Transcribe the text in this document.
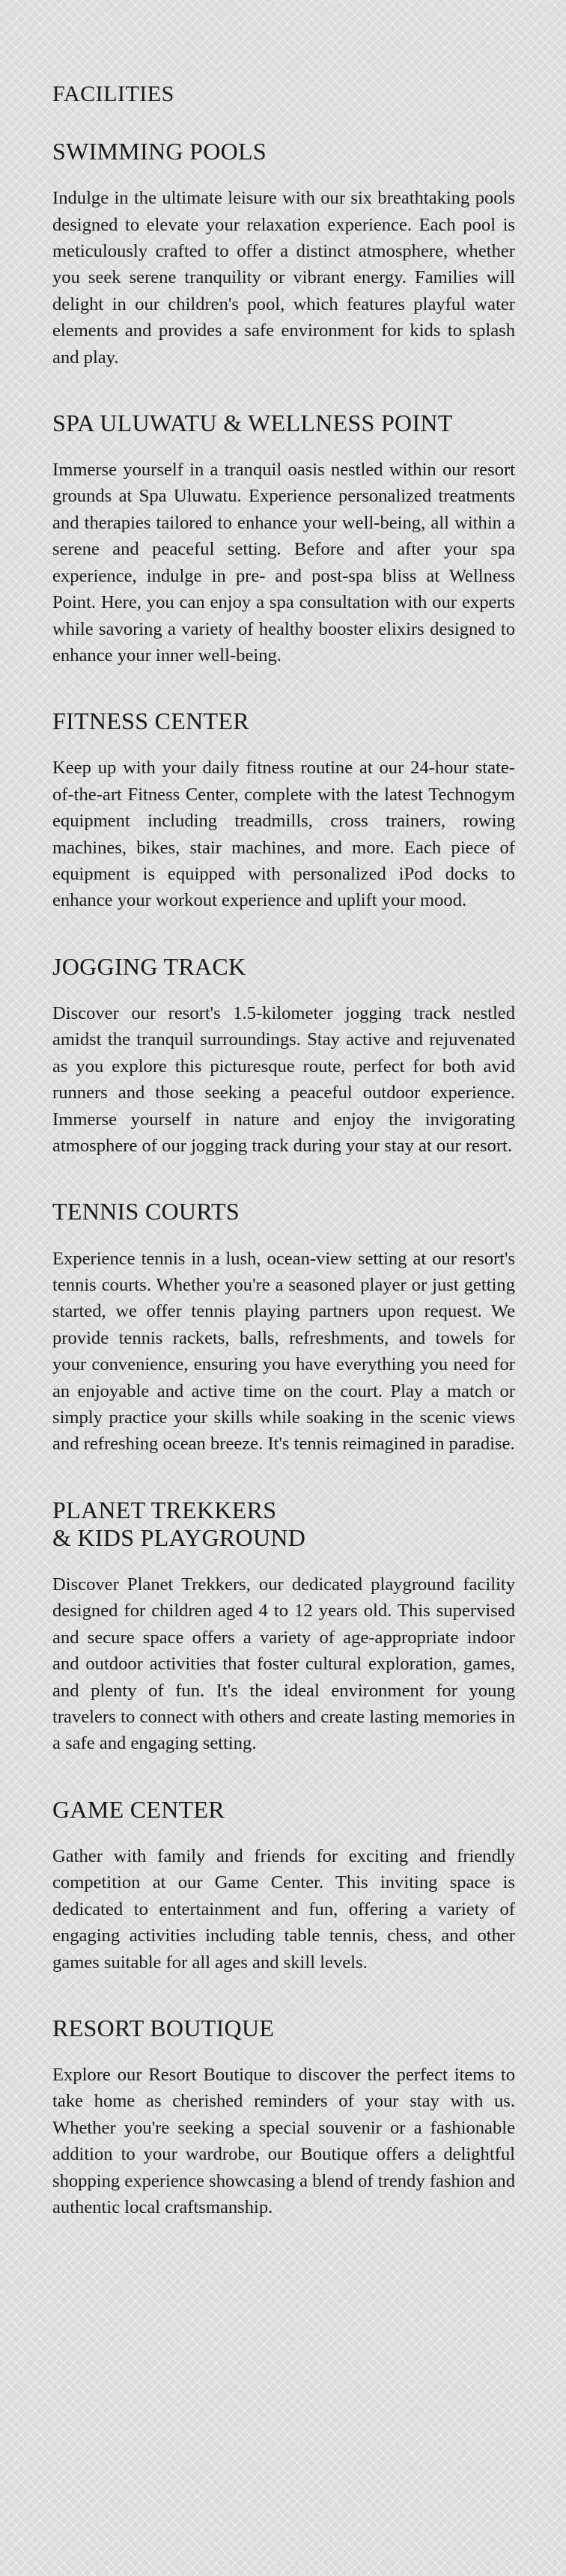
FACILITIES
SWIMMING POOLS

Indulge in the ultimate leisure with our six breathtaking pools designed to elevate your relaxation experience. Each pool is meticulously crafted to offer a distinct atmosphere, whether you seek serene tranquility or vibrant energy. Families will delight in our children's pool, which features playful water elements and provides a safe environment for kids to splash and play.

SPA ULUWATU & WELLNESS POINT

Immerse yourself in a tranquil oasis nestled within our resort grounds at Spa Uluwatu. Experience personalized treatments and therapies tailored to enhance your well-being, all within a serene and peaceful setting. Before and after your spa experience, indulge in pre- and post-spa bliss at Wellness Point. Here, you can enjoy a spa consultation with our experts while savoring a variety of healthy booster elixirs designed to enhance your inner well-being.

FITNESS CENTER

Keep up with your daily fitness routine at our 24-hour state-of-the-art Fitness Center, complete with the latest Technogym equipment including treadmills, cross trainers, rowing machines, bikes, stair machines, and more. Each piece of equipment is equipped with personalized iPod docks to enhance your workout experience and uplift your mood.

JOGGING TRACK

Discover our resort's 1.5-kilometer jogging track nestled amidst the tranquil surroundings. Stay active and rejuvenated as you explore this picturesque route, perfect for both avid runners and those seeking a peaceful outdoor experience. Immerse yourself in nature and enjoy the invigorating atmosphere of our jogging track during your stay at our resort.

TENNIS COURTS

Experience tennis in a lush, ocean-view setting at our resort's tennis courts. Whether you're a seasoned player or just getting started, we offer tennis playing partners upon request. We provide tennis rackets, balls, refreshments, and towels for your convenience, ensuring you have everything you need for an enjoyable and active time on the court. Play a match or simply practice your skills while soaking in the scenic views and refreshing ocean breeze. It's tennis reimagined in paradise.

PLANET TREKKERS
& KIDS PLAYGROUND

Discover Planet Trekkers, our dedicated playground facility designed for children aged 4 to 12 years old. This supervised and secure space offers a variety of age-appropriate indoor and outdoor activities that foster cultural exploration, games, and plenty of fun. It's the ideal environment for young travelers to connect with others and create lasting memories in a safe and engaging setting.

GAME CENTER

Gather with family and friends for exciting and friendly competition at our Game Center. This inviting space is dedicated to entertainment and fun, offering a variety of engaging activities including table tennis, chess, and other games suitable for all ages and skill levels.

RESORT BOUTIQUE

Explore our Resort Boutique to discover the perfect items to take home as cherished reminders of your stay with us. Whether you're seeking a special souvenir or a fashionable addition to your wardrobe, our Boutique offers a delightful shopping experience showcasing a blend of trendy fashion and authentic local craftsmanship.
